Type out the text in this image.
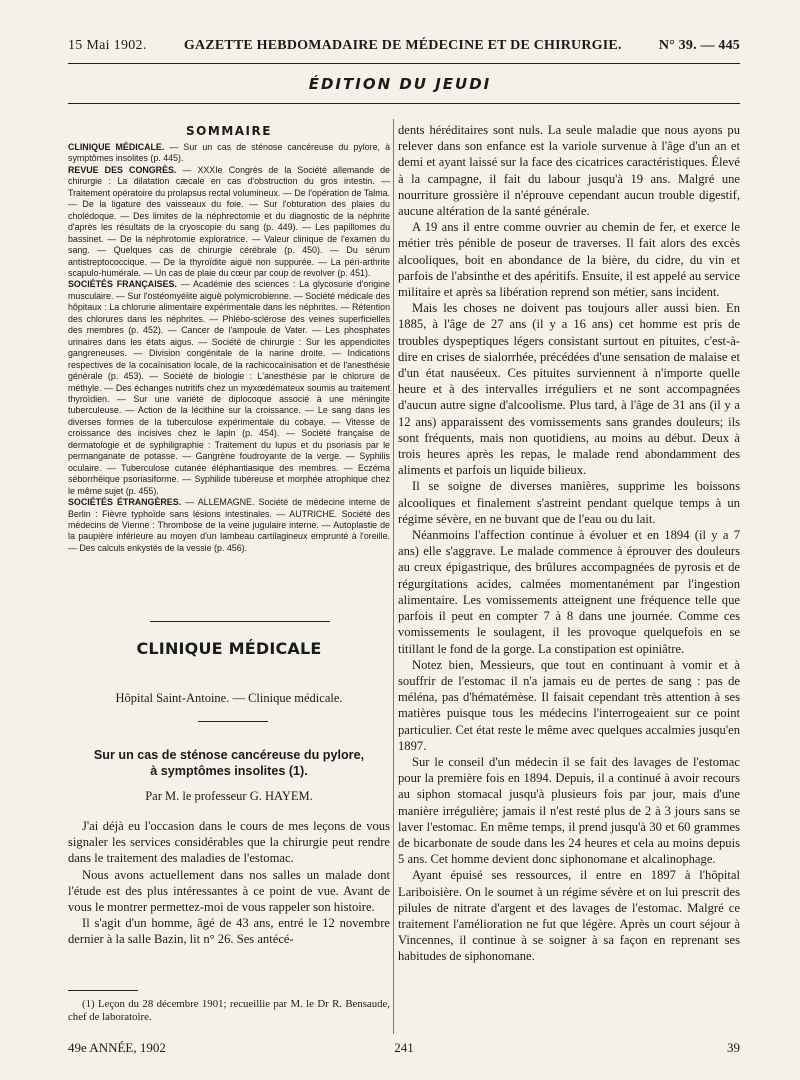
15 Mai 1902.	GAZETTE HEBDOMADAIRE DE MÉDECINE ET DE CHIRURGIE.	N° 39. — 445
ÉDITION DU JEUDI
SOMMAIRE

CLINIQUE MÉDICALE. — Sur un cas de sténose cancéreuse du pylore, à symptômes insolites (p. 445).

REVUE DES CONGRÈS. — XXXIe Congrès de la Société allemande de chirurgie : La dilatation cæcale en cas d'obstruction du gros intestin. — Traitement opératoire du prolapsus rectal volumineux. — De l'opération de Talma. — De la ligature des vaisseaux du foie. — Sur l'obturation des plaies du cholédoque. — Des limites de la néphrectomie et du diagnostic de la néphrite d'après les résultats de la cryoscopie du sang (p. 449). — Les papillomes du bassinet. — De la néphrotomie exploratrice. — Valeur clinique de l'examen du sang. — Quelques cas de chirurgie cérébrale (p. 450). — Du sérum antistreptococcique. — De la thyroïdite aiguë non suppurée. — La péri-arthrite scapulo-humérale. — Un cas de plaie du cœur par coup de revolver (p. 451).

SOCIÉTÉS FRANÇAISES. — Académie des sciences : La glycosurie d'origine musculaire. — Sur l'ostéomyélite aiguë polymicrobienne. — Société médicale des hôpitaux : La chlorurie alimentaire expérimentale dans les néphrites. — Rétention des chlorures dans les néphrites. — Phlébo-sclérose des veines superficielles des membres (p. 452). — Cancer de l'ampoule de Vater. — Les phosphates urinaires dans les états aigus. — Société de chirurgie : Sur les appendicites gangreneuses. — Division congénitale de la narine droite. — Indications respectives de la cocaïnisation locale, de la rachicocaïnisation et de l'anesthésie générale (p. 453). — Société de biologie : L'anesthésie par le chlorure de méthyle. — Des échanges nutritifs chez un myxœdémateux soumis au traitement thyroïdien. — Sur une variété de diplocoque associé à une méningite tuberculeuse. — Action de la lécithine sur la croissance. — Le sang dans les diverses formes de la tuberculose expérimentale du cobaye. — Vitesse de croissance des incisives chez le lapin (p. 454). — Société française de dermatologie et de syphiligraphie : Traitement du lupus et du psoriasis par le permanganate de potasse. — Gangrène foudroyante de la verge. — Syphilis oculaire. — Tuberculose cutanée éléphantiasique des membres. — Eczéma séborrhéique psoriasiforme. — Syphilide tubéreuse et morphée atrophique chez le même sujet (p. 455).

SOCIÉTÉS ÉTRANGÈRES. — ALLEMAGNE. Société de médecine interne de Berlin : Fièvre typhoïde sans lésions intestinales. — AUTRICHE. Société des médecins de Vienne : Thrombose de la veine jugulaire interne. — Autoplastie de la paupière inférieure au moyen d'un lambeau cartilagineux emprunté à l'oreille. — Des calculs enkystés de la vessie (p. 456).

CLINIQUE MÉDICALE
Hôpital Saint-Antoine. — Clinique médicale.
Sur un cas de sténose cancéreuse du pylore,
à symptômes insolites (1).
Par M. le professeur G. HAYEM.

J'ai déjà eu l'occasion dans le cours de mes leçons de vous signaler les services considérables que la chirurgie peut rendre dans le traitement des maladies de l'estomac.

Nous avons actuellement dans nos salles un malade dont l'étude est des plus intéressantes à ce point de vue. Avant de vous le montrer permettez-moi de vous rappeler son histoire.

Il s'agit d'un homme, âgé de 43 ans, entré le 12 novembre dernier à la salle Bazin, lit n° 26. Ses antécé-

(1) Leçon du 28 décembre 1901; recueillie par M. le Dr R. Bensaude, chef de laboratoire.

dents héréditaires sont nuls. La seule maladie que nous ayons pu relever dans son enfance est la variole survenue à l'âge d'un an et demi et ayant laissé sur la face des cicatrices caractéristiques. Élevé à la campagne, il fait du labour jusqu'à 19 ans. Malgré une nourriture grossière il n'éprouve cependant aucun trouble digestif, aucune altération de la santé générale.

A 19 ans il entre comme ouvrier au chemin de fer, et exerce le métier très pénible de poseur de traverses. Il fait alors des excès alcooliques, boit en abondance de la bière, du cidre, du vin et parfois de l'absinthe et des apéritifs. Ensuite, il est appelé au service militaire et après sa libération reprend son métier, sans incident.

Mais les choses ne doivent pas toujours aller aussi bien. En 1885, à l'âge de 27 ans (il y a 16 ans) cet homme est pris de troubles dyspeptiques légers consistant surtout en pituites, c'est-à-dire en crises de sialorrhée, précédées d'une sensation de malaise et d'un état nauséeux. Ces pituites surviennent à n'importe quelle heure et à des intervalles irréguliers et ne sont accompagnées d'aucun autre signe d'alcoolisme. Plus tard, à l'âge de 31 ans (il y a 12 ans) apparaissent des vomissements sans grandes douleurs; ils sont fréquents, mais non quotidiens, au moins au début. Deux à trois heures après les repas, le malade rend abondamment des aliments et parfois un liquide bilieux.

Il se soigne de diverses manières, supprime les boissons alcooliques et finalement s'astreint pendant quelque temps à un régime sévère, en ne buvant que de l'eau ou du lait.

Néanmoins l'affection continue à évoluer et en 1894 (il y a 7 ans) elle s'aggrave. Le malade commence à éprouver des douleurs au creux épigastrique, des brûlures accompagnées de pyrosis et de régurgitations acides, calmées momentanément par l'ingestion alimentaire. Les vomissements atteignent une fréquence telle que parfois il peut en compter 7 à 8 dans une journée. Comme ces vomissements le soulagent, il les provoque quelquefois en se titillant le fond de la gorge. La constipation est opiniâtre.

Notez bien, Messieurs, que tout en continuant à vomir et à souffrir de l'estomac il n'a jamais eu de pertes de sang : pas de méléna, pas d'hématémèse. Il faisait cependant très attention à ses matières puisque tous les médecins l'interrogeaient sur ce point particulier. Cet état reste le même avec quelques accalmies jusqu'en 1897.

Sur le conseil d'un médecin il se fait des lavages de l'estomac pour la première fois en 1894. Depuis, il a continué à avoir recours au siphon stomacal jusqu'à plusieurs fois par jour, mais d'une manière irrégulière; jamais il n'est resté plus de 2 à 3 jours sans se laver l'estomac. En même temps, il prend jusqu'à 30 et 60 grammes de bicarbonate de soude dans les 24 heures et cela au moins depuis 5 ans. Cet homme devient donc siphonomane et alcalinophage.

Ayant épuisé ses ressources, il entre en 1897 à l'hôpital Lariboisière. On le soumet à un régime sévère et on lui prescrit des pilules de nitrate d'argent et des lavages de l'estomac. Malgré ce traitement l'amélioration ne fut que légère. Après un court séjour à Vincennes, il continue à se soigner à sa façon en reprenant ses habitudes de siphonomane.

49e ANNÉE, 1902	241	39
